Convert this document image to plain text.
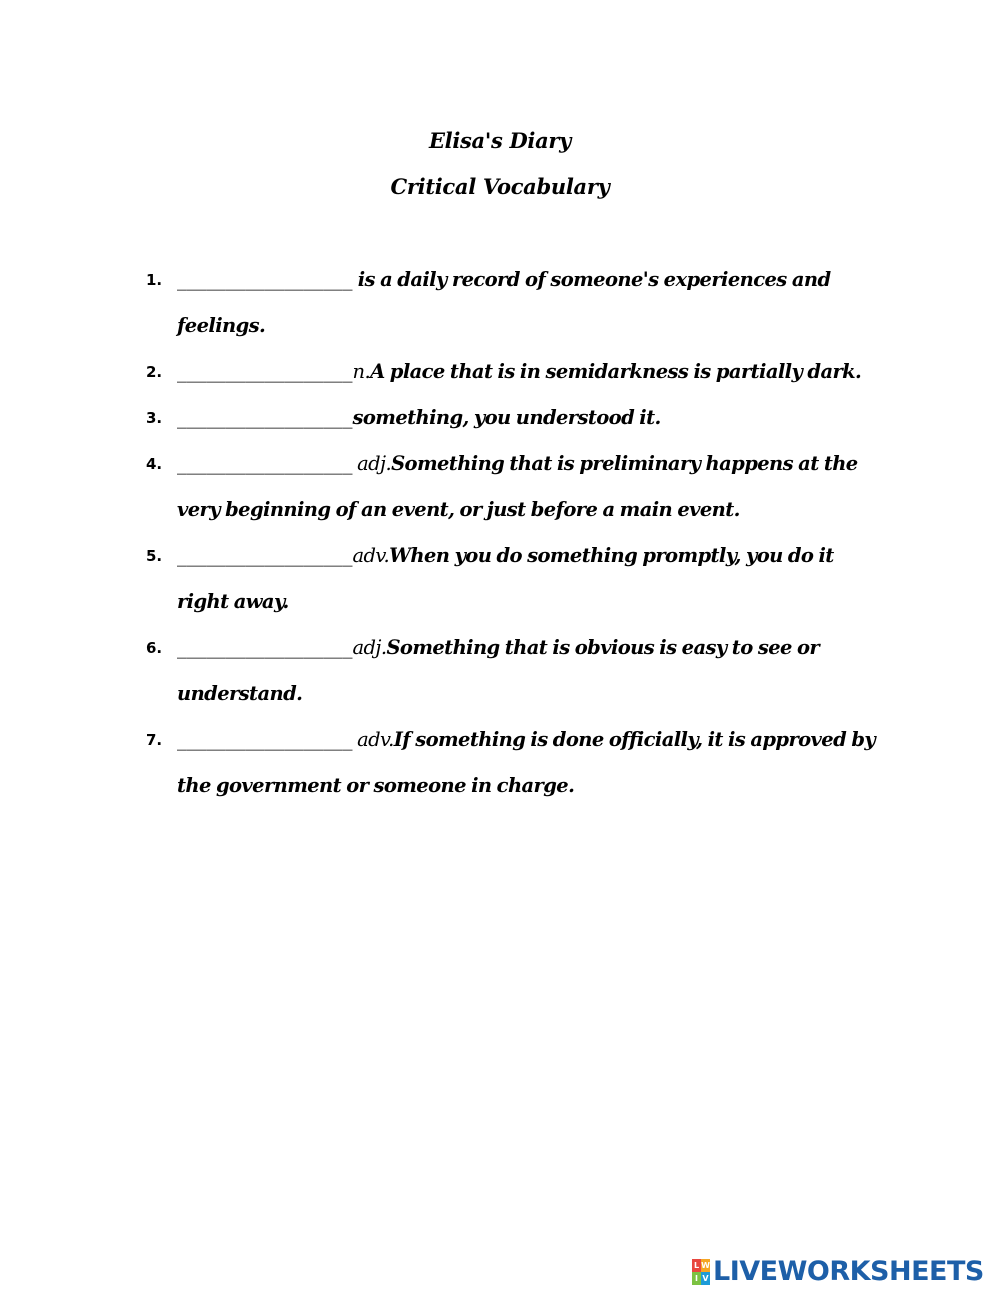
Elisa's Diary
Critical Vocabulary
1. __________________ is a daily record of someone's experiences and feelings.
2. __________________n.A place that is in semidarkness is partially dark.
3. __________________something, you understood it.
4. __________________ adj.Something that is preliminary happens at the very beginning of an event, or just before a main event.
5. __________________adv.When you do something promptly, you do it right away.
6. __________________adj.Something that is obvious is easy to see or understand.
7. __________________ adv.If something is done officially, it is approved by the government or someone in charge.
L W
I V LIVEWORKSHEETS
